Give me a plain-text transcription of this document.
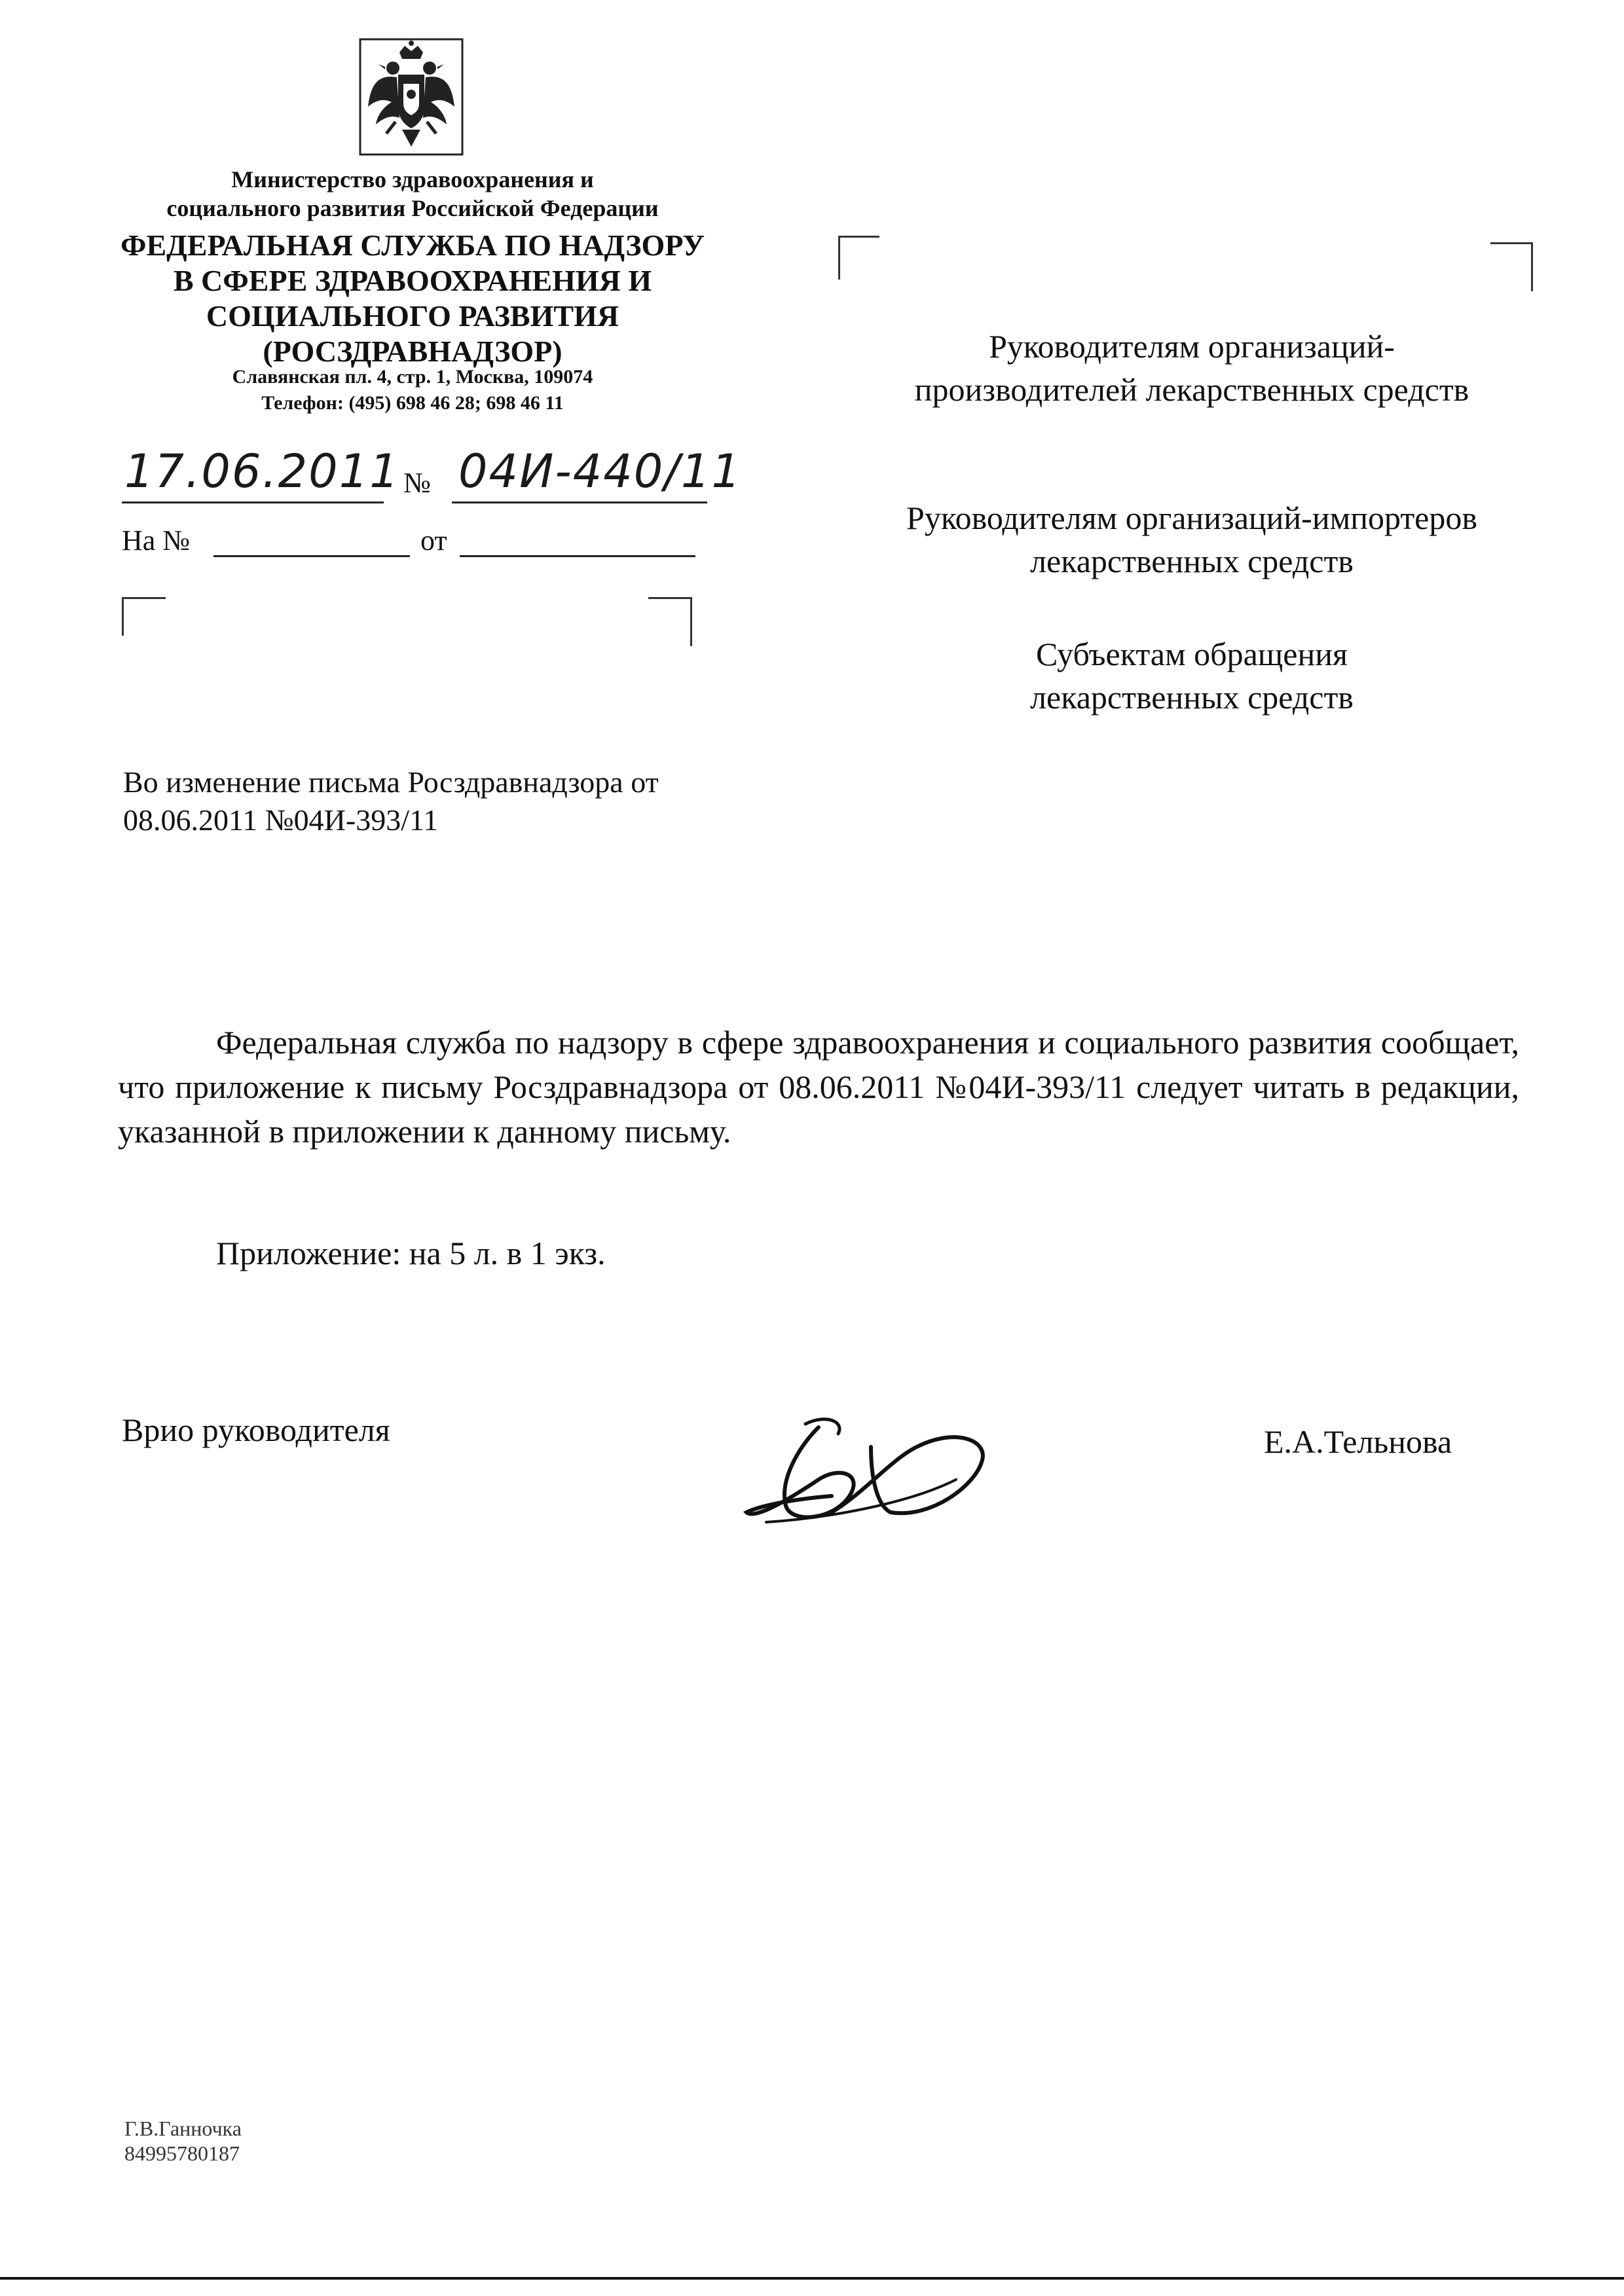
Министерство здравоохранения и
социального развития Российской Федерации
ФЕДЕРАЛЬНАЯ СЛУЖБА ПО НАДЗОРУ
В СФЕРЕ ЗДРАВООХРАНЕНИЯ И
СОЦИАЛЬНОГО РАЗВИТИЯ
(РОСЗДРАВНАДЗОР)
Славянская пл. 4, стр. 1, Москва, 109074
Телефон: (495) 698 46 28; 698 46 11
17.06.2011 № 04И-440/11
На №	от
Руководителям организаций-производителей лекарственных средств
Руководителям организаций-импортеров лекарственных средств
Субъектам обращения лекарственных средств
Во изменение письма Росздравнадзора от 08.06.2011 №04И-393/11
Федеральная служба по надзору в сфере здравоохранения и социального развития сообщает, что приложение к письму Росздравнадзора от 08.06.2011 №04И-393/11 следует читать в редакции, указанной в приложении к данному письму.
Приложение: на 5 л. в 1 экз.
Врио руководителя	Е.А.Тельнова
Г.В.Ганночка
84995780187
